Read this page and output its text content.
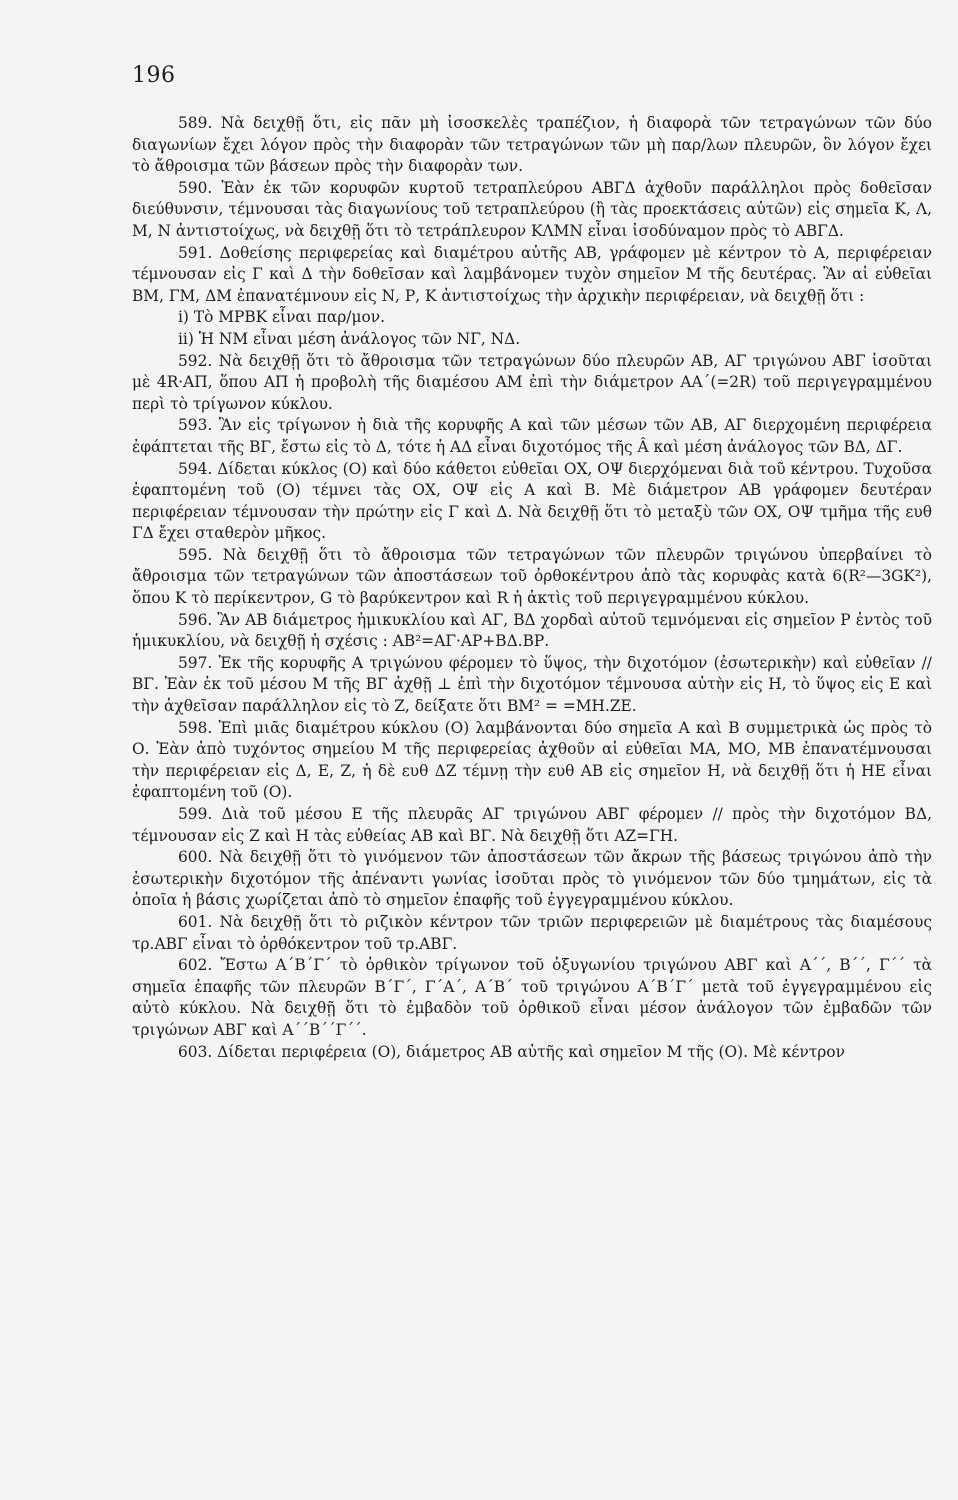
196

589. Νὰ δειχθῇ ὅτι, εἰς πᾶν μὴ ἰσοσκελὲς τραπέζιον, ἡ διαφορὰ τῶν τετραγώνων τῶν δύο διαγωνίων ἔχει λόγον πρὸς τὴν διαφορὰν τῶν τετραγώνων τῶν μὴ παρ/λων πλευρῶν, ὃν λόγον ἔχει τὸ ἄθροισμα τῶν βάσεων πρὸς τὴν διαφορὰν των.

590. Ἐὰν ἐκ τῶν κορυφῶν κυρτοῦ τετραπλεύρου ΑΒΓΔ ἀχθοῦν παράλληλοι πρὸς δοθεῖσαν διεύθυνσιν, τέμνουσαι τὰς διαγωνίους τοῦ τετραπλεύρου (ἢ τὰς προεκτάσεις αὐτῶν) εἰς σημεῖα Κ, Λ, Μ, Ν ἀντιστοίχως, νὰ δειχθῇ ὅτι τὸ τετράπλευρον ΚΛΜΝ εἶναι ἰσοδύναμον πρὸς τὸ ΑΒΓΔ.

591. Δοθείσης περιφερείας καὶ διαμέτρου αὐτῆς ΑΒ, γράφομεν μὲ κέντρον τὸ Α, περιφέρειαν τέμνουσαν εἰς Γ καὶ Δ τὴν δοθεῖσαν καὶ λαμβάνομεν τυχὸν σημεῖον Μ τῆς δευτέρας. Ἂν αἱ εὐθεῖαι ΒΜ, ΓΜ, ΔΜ ἐπανατέμνουν εἰς Ν, Ρ, Κ ἀντιστοίχως τὴν ἀρχικὴν περιφέρειαν, νὰ δειχθῇ ὅτι :

i) Τὸ ΜΡΒΚ εἶναι παρ/μον.

ii) Ἡ ΝΜ εἶναι μέση ἀνάλογος τῶν ΝΓ, ΝΔ.

592. Νὰ δειχθῇ ὅτι τὸ ἄθροισμα τῶν τετραγώνων δύο πλευρῶν ΑΒ, ΑΓ τριγώνου ΑΒΓ ἰσοῦται μὲ 4R·ΑΠ, ὅπου ΑΠ ἡ προβολὴ τῆς διαμέσου ΑΜ ἐπὶ τὴν διάμετρον ΑΑ΄(=2R) τοῦ περιγεγραμμένου περὶ τὸ τρίγωνον κύκλου.

593. Ἂν εἰς τρίγωνον ἡ διὰ τῆς κορυφῆς Α καὶ τῶν μέσων τῶν ΑΒ, ΑΓ διερχομένη περιφέρεια ἐφάπτεται τῆς ΒΓ, ἔστω εἰς τὸ Δ, τότε ἡ ΑΔ εἶναι διχοτόμος τῆς Â καὶ μέση ἀνάλογος τῶν ΒΔ, ΔΓ.

594. Δίδεται κύκλος (Ο) καὶ δύο κάθετοι εὐθεῖαι ΟΧ, ΟΨ διερχόμεναι διὰ τοῦ κέντρου. Τυχοῦσα ἐφαπτομένη τοῦ (Ο) τέμνει τὰς ΟΧ, ΟΨ εἰς Α καὶ Β. Μὲ διάμετρον ΑΒ γράφομεν δευτέραν περιφέρειαν τέμνουσαν τὴν πρώτην εἰς Γ καὶ Δ. Νὰ δειχθῇ ὅτι τὸ μεταξὺ τῶν ΟΧ, ΟΨ τμῆμα τῆς ευθ ΓΔ ἔχει σταθερὸν μῆκος.

595. Νὰ δειχθῇ ὅτι τὸ ἄθροισμα τῶν τετραγώνων τῶν πλευρῶν τριγώνου ὑπερβαίνει τὸ ἄθροισμα τῶν τετραγώνων τῶν ἀποστάσεων τοῦ ὀρθοκέντρου ἀπὸ τὰς κορυφὰς κατὰ 6(R²—3GK²), ὅπου Κ τὸ περίκεντρον, G τὸ βαρύκεντρον καὶ R ἡ ἀκτὶς τοῦ περιγεγραμμένου κύκλου.

596. Ἂν ΑΒ διάμετρος ἡμικυκλίου καὶ ΑΓ, ΒΔ χορδαὶ αὐτοῦ τεμνόμεναι εἰς σημεῖον Ρ ἐντὸς τοῦ ἡμικυκλίου, νὰ δειχθῇ ἡ σχέσις : ΑΒ²=ΑΓ·ΑΡ+ΒΔ.ΒΡ.

597. Ἐκ τῆς κορυφῆς Α τριγώνου φέρομεν τὸ ὕψος, τὴν διχοτόμον (ἐσωτερικὴν) καὶ εὐθεῖαν //ΒΓ. Ἐὰν ἐκ τοῦ μέσου Μ τῆς ΒΓ ἀχθῇ ⊥ ἐπὶ τὴν διχοτόμον τέμνουσα αὐτὴν εἰς Η, τὸ ὕψος εἰς Ε καὶ τὴν ἀχθεῖσαν παράλληλον εἰς τὸ Ζ, δείξατε ὅτι ΒΜ² = =ΜΗ.ΖΕ.

598. Ἐπὶ μιᾶς διαμέτρου κύκλου (Ο) λαμβάνονται δύο σημεῖα Α καὶ Β συμμετρικὰ ὡς πρὸς τὸ Ο. Ἐὰν ἀπὸ τυχόντος σημείου Μ τῆς περιφερείας ἀχθοῦν αἱ εὐθεῖαι ΜΑ, ΜΟ, ΜΒ ἐπανατέμνουσαι τὴν περιφέρειαν εἰς Δ, Ε, Ζ, ἡ δὲ ευθ ΔΖ τέμνῃ τὴν ευθ ΑΒ εἰς σημεῖον Η, νὰ δειχθῇ ὅτι ἡ ΗΕ εἶναι ἐφαπτομένη τοῦ (Ο).

599. Διὰ τοῦ μέσου Ε τῆς πλευρᾶς ΑΓ τριγώνου ΑΒΓ φέρομεν // πρὸς τὴν διχοτόμον ΒΔ, τέμνουσαν εἰς Ζ καὶ Η τὰς εὐθείας ΑΒ καὶ ΒΓ. Νὰ δειχθῇ ὅτι ΑΖ=ΓΗ.

600. Νὰ δειχθῇ ὅτι τὸ γινόμενον τῶν ἀποστάσεων τῶν ἄκρων τῆς βάσεως τριγώνου ἀπὸ τὴν ἐσωτερικὴν διχοτόμον τῆς ἀπέναντι γωνίας ἰσοῦται πρὸς τὸ γινόμενον τῶν δύο τμημάτων, εἰς τὰ ὁποῖα ἡ βάσις χωρίζεται ἀπὸ τὸ σημεῖον ἐπαφῆς τοῦ ἐγγεγραμμένου κύκλου.

601. Νὰ δειχθῇ ὅτι τὸ ριζικὸν κέντρον τῶν τριῶν περιφερειῶν μὲ διαμέτρους τὰς διαμέσους τρ.ΑΒΓ εἶναι τὸ ὀρθόκεντρον τοῦ τρ.ΑΒΓ.

602. Ἔστω Α΄Β΄Γ΄ τὸ ὀρθικὸν τρίγωνον τοῦ ὀξυγωνίου τριγώνου ΑΒΓ καὶ Α΄΄, Β΄΄, Γ΄΄ τὰ σημεῖα ἐπαφῆς τῶν πλευρῶν Β΄Γ΄, Γ΄Α΄, Α΄Β΄ τοῦ τριγώνου Α΄Β΄Γ΄ μετὰ τοῦ ἐγγεγραμμένου εἰς αὐτὸ κύκλου. Νὰ δειχθῇ ὅτι τὸ ἐμβαδὸν τοῦ ὀρθικοῦ εἶναι μέσον ἀνάλογον τῶν ἐμβαδῶν τῶν τριγώνων ΑΒΓ καὶ Α΄΄Β΄΄Γ΄΄.

603. Δίδεται περιφέρεια (Ο), διάμετρος ΑΒ αὐτῆς καὶ σημεῖον Μ τῆς (Ο). Μὲ κέντρον
